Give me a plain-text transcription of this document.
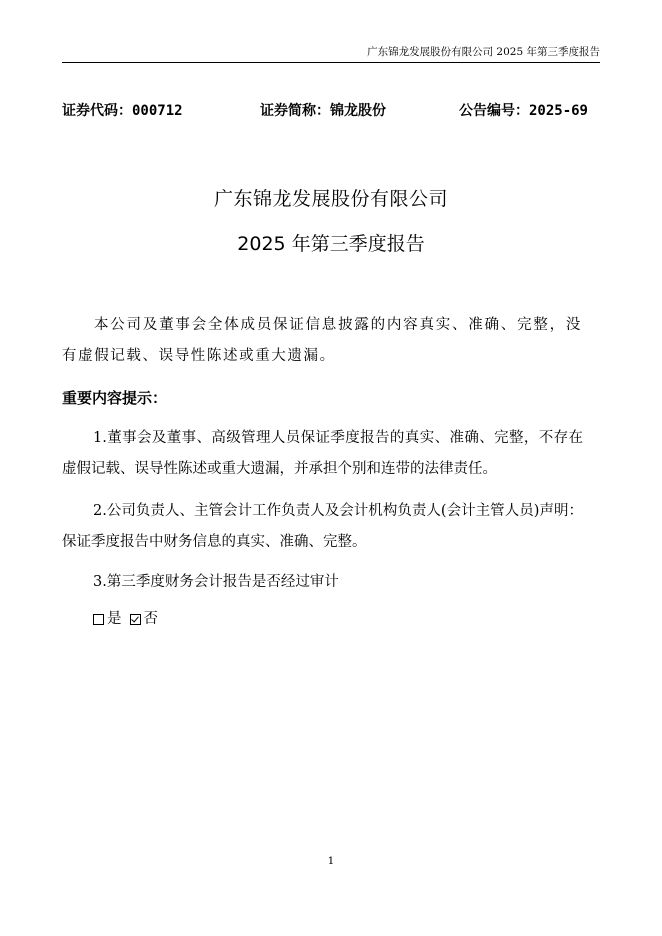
广东锦龙发展股份有限公司 2025 年第三季度报告
证券代码：000712	证券简称：锦龙股份	公告编号：2025-69
广东锦龙发展股份有限公司
2025 年第三季度报告
本公司及董事会全体成员保证信息披露的内容真实、准确、完整，没有虚假记载、误导性陈述或重大遗漏。
重要内容提示：
1.董事会及董事、高级管理人员保证季度报告的真实、准确、完整，不存在虚假记载、误导性陈述或重大遗漏，并承担个别和连带的法律责任。
2.公司负责人、主管会计工作负责人及会计机构负责人(会计主管人员)声明：保证季度报告中财务信息的真实、准确、完整。
3.第三季度财务会计报告是否经过审计
是 否
1
